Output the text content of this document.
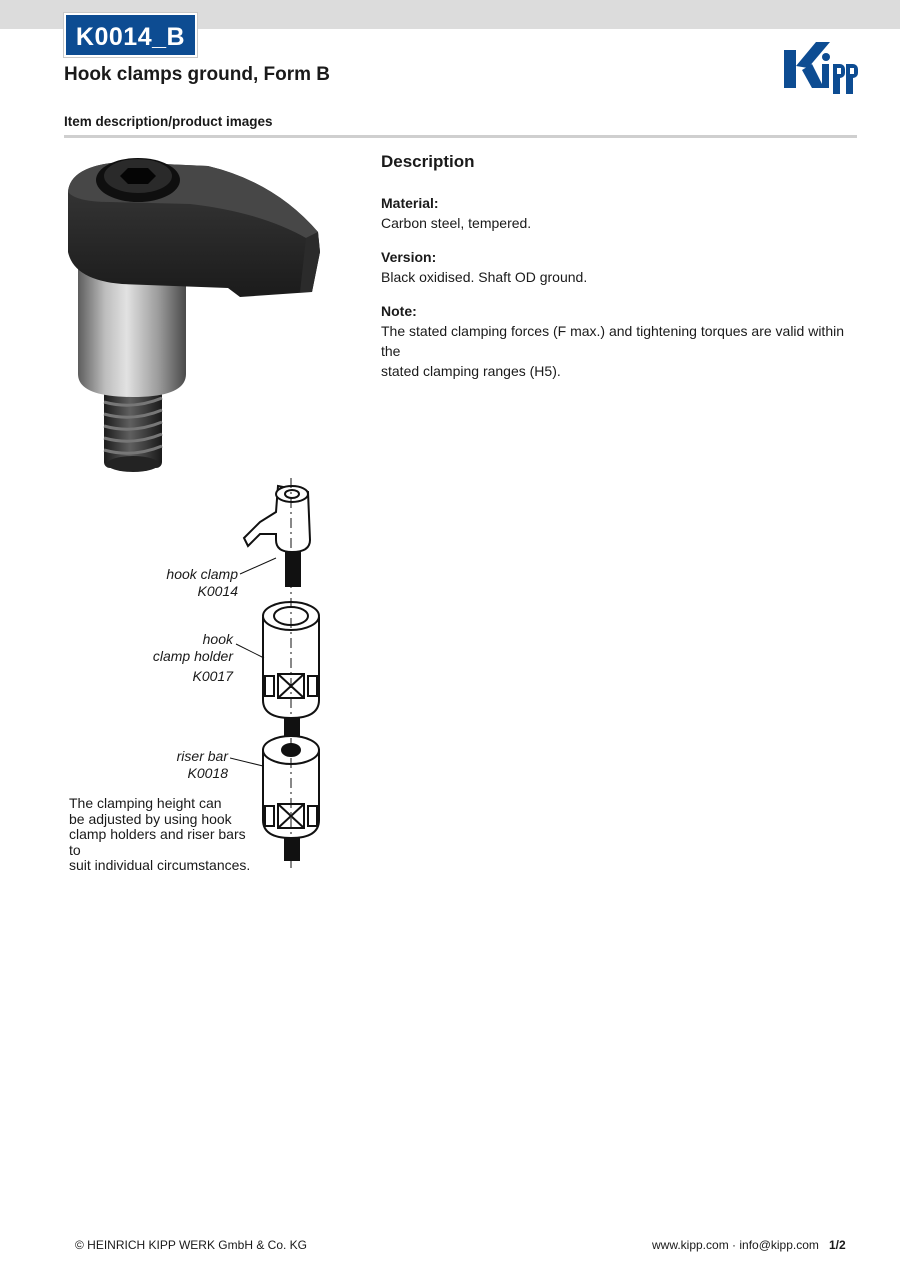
K0014_B
Hook clamps ground, Form B
Item description/product images
hook clamp
K0014
hook
clamp holder
K0017
riser bar
K0018
The clamping height can
be adjusted by using hook
clamp holders and riser bars to
suit individual circumstances.
Description

Material:

Carbon steel, tempered.

Version:

Black oxidised. Shaft OD ground.

Note:

The stated clamping forces (F max.) and tightening torques are valid within the
stated clamping ranges (H5).

© HEINRICH KIPP WERK GmbH & Co. KG	www.kipp.com · info@kipp.com 1/2
